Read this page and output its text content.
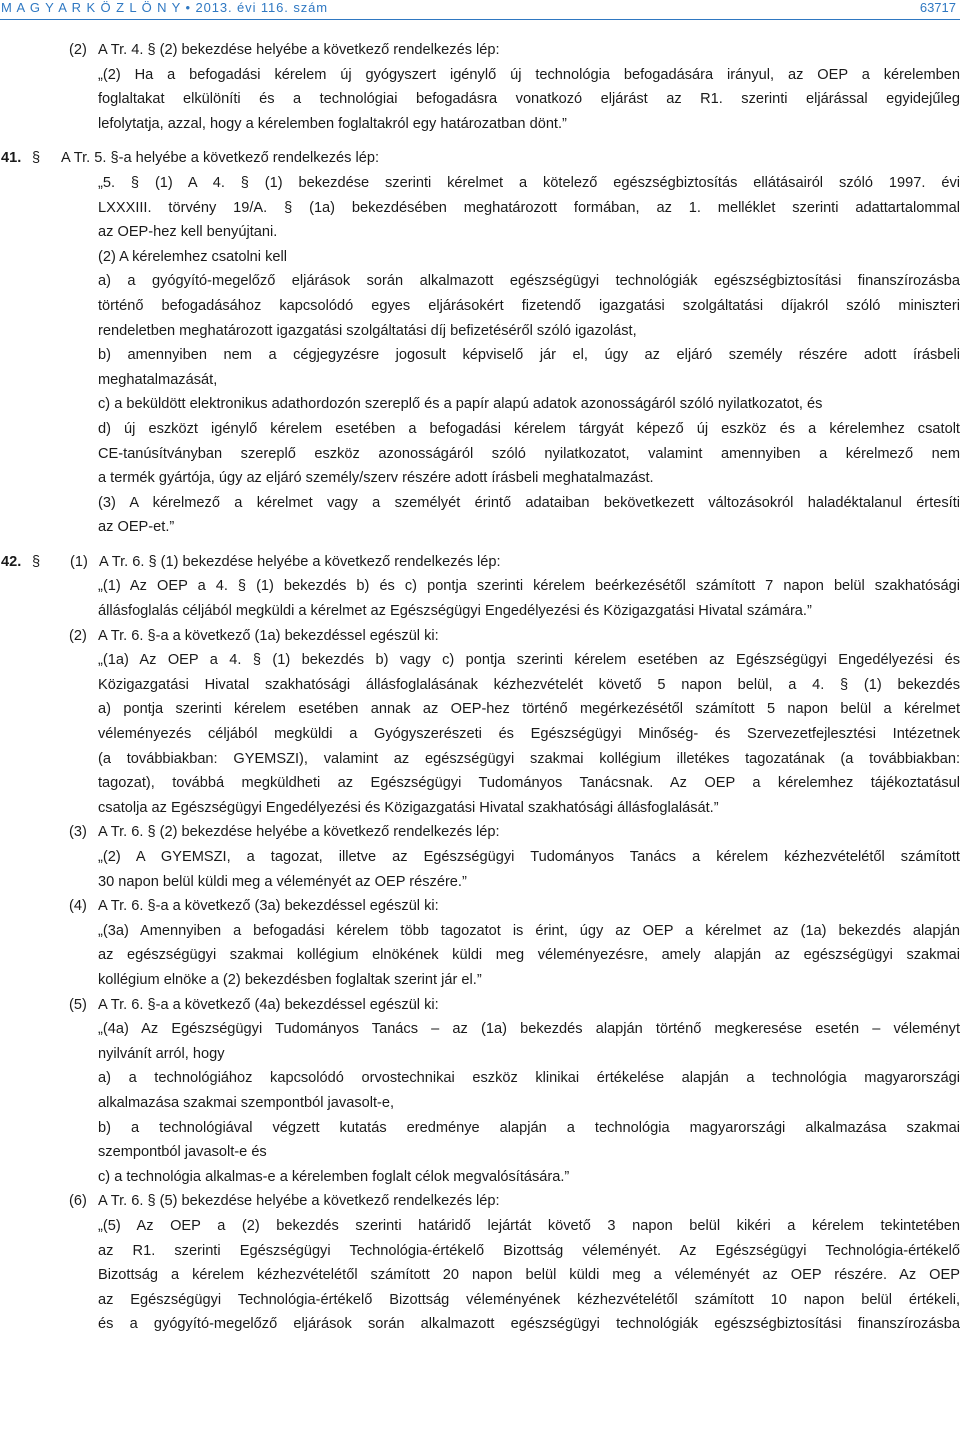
M A G Y A R K Ö Z L Ö N Y • 2013. évi 116. szám	63717
(2) A Tr. 4. § (2) bekezdése helyébe a következő rendelkezés lép:
„(2) Ha a befogadási kérelem új gyógyszert igénylő új technológia befogadására irányul, az OEP a kérelemben
foglaltakat elkülöníti és a technológiai befogadásra vonatkozó eljárást az R1. szerinti eljárással egyidejűleg
lefolytatja, azzal, hogy a kérelemben foglaltakról egy határozatban dönt.”
41. §	A Tr. 5. §-a helyébe a következő rendelkezés lép:
„5. § (1) A 4. § (1) bekezdése szerinti kérelmet a kötelező egészségbiztosítás ellátásairól szóló 1997. évi
LXXXIII. törvény 19/A. § (1a) bekezdésében meghatározott formában, az 1. melléklet szerinti adattartalommal
az OEP-hez kell benyújtani.
(2) A kérelemhez csatolni kell
a) a gyógyító-megelőző eljárások során alkalmazott egészségügyi technológiák egészségbiztosítási finanszírozásba
történő befogadásához kapcsolódó egyes eljárásokért fizetendő igazgatási szolgáltatási díjakról szóló miniszteri
rendeletben meghatározott igazgatási szolgáltatási díj befizetéséről szóló igazolást,
b) amennyiben nem a cégjegyzésre jogosult képviselő jár el, úgy az eljáró személy részére adott írásbeli
meghatalmazását,
c) a beküldött elektronikus adathordozón szereplő és a papír alapú adatok azonosságáról szóló nyilatkozatot, és
d) új eszközt igénylő kérelem esetében a befogadási kérelem tárgyát képező új eszköz és a kérelemhez csatolt
CE-tanúsítványban szereplő eszköz azonosságáról szóló nyilatkozatot, valamint amennyiben a kérelmező nem
a termék gyártója, úgy az eljáró személy/szerv részére adott írásbeli meghatalmazást.
(3) A kérelmező a kérelmet vagy a személyét érintő adataiban bekövetkezett változásokról haladéktalanul értesíti
az OEP-et.”
42. §	(1) A Tr. 6. § (1) bekezdése helyébe a következő rendelkezés lép:
„(1) Az OEP a 4. § (1) bekezdés b) és c) pontja szerinti kérelem beérkezésétől számított 7 napon belül szakhatósági
állásfoglalás céljából megküldi a kérelmet az Egészségügyi Engedélyezési és Közigazgatási Hivatal számára.”
(2) A Tr. 6. §-a a következő (1a) bekezdéssel egészül ki:
„(1a) Az OEP a 4. § (1) bekezdés b) vagy c) pontja szerinti kérelem esetében az Egészségügyi Engedélyezési és
Közigazgatási Hivatal szakhatósági állásfoglalásának kézhezvételét követő 5 napon belül, a 4. § (1) bekezdés
a) pontja szerinti kérelem esetében annak az OEP-hez történő megérkezésétől számított 5 napon belül a kérelmet
véleményezés céljából megküldi a Gyógyszerészeti és Egészségügyi Minőség- és Szervezetfejlesztési Intézetnek
(a továbbiakban: GYEMSZI), valamint az egészségügyi szakmai kollégium illetékes tagozatának (a továbbiakban:
tagozat), továbbá megküldheti az Egészségügyi Tudományos Tanácsnak. Az OEP a kérelemhez tájékoztatásul
csatolja az Egészségügyi Engedélyezési és Közigazgatási Hivatal szakhatósági állásfoglalását.”
(3) A Tr. 6. § (2) bekezdése helyébe a következő rendelkezés lép:
„(2) A GYEMSZI, a tagozat, illetve az Egészségügyi Tudományos Tanács a kérelem kézhezvételétől számított
30 napon belül küldi meg a véleményét az OEP részére.”
(4) A Tr. 6. §-a a következő (3a) bekezdéssel egészül ki:
„(3a) Amennyiben a befogadási kérelem több tagozatot is érint, úgy az OEP a kérelmet az (1a) bekezdés alapján
az egészségügyi szakmai kollégium elnökének küldi meg véleményezésre, amely alapján az egészségügyi szakmai
kollégium elnöke a (2) bekezdésben foglaltak szerint jár el.”
(5) A Tr. 6. §-a a következő (4a) bekezdéssel egészül ki:
„(4a) Az Egészségügyi Tudományos Tanács – az (1a) bekezdés alapján történő megkeresése esetén – véleményt
nyilvánít arról, hogy
a) a technológiához kapcsolódó orvostechnikai eszköz klinikai értékelése alapján a technológia magyarországi
alkalmazása szakmai szempontból javasolt-e,
b) a technológiával végzett kutatás eredménye alapján a technológia magyarországi alkalmazása szakmai
szempontból javasolt-e és
c) a technológia alkalmas-e a kérelemben foglalt célok megvalósítására.”
(6) A Tr. 6. § (5) bekezdése helyébe a következő rendelkezés lép:
„(5) Az OEP a (2) bekezdés szerinti határidő lejártát követő 3 napon belül kikéri a kérelem tekintetében
az R1. szerinti Egészségügyi Technológia-értékelő Bizottság véleményét. Az Egészségügyi Technológia-értékelő
Bizottság a kérelem kézhezvételétől számított 20 napon belül küldi meg a véleményét az OEP részére. Az OEP
az Egészségügyi Technológia-értékelő Bizottság véleményének kézhezvételétől számított 10 napon belül értékeli,
és a gyógyító-megelőző eljárások során alkalmazott egészségügyi technológiák egészségbiztosítási finanszírozásba
